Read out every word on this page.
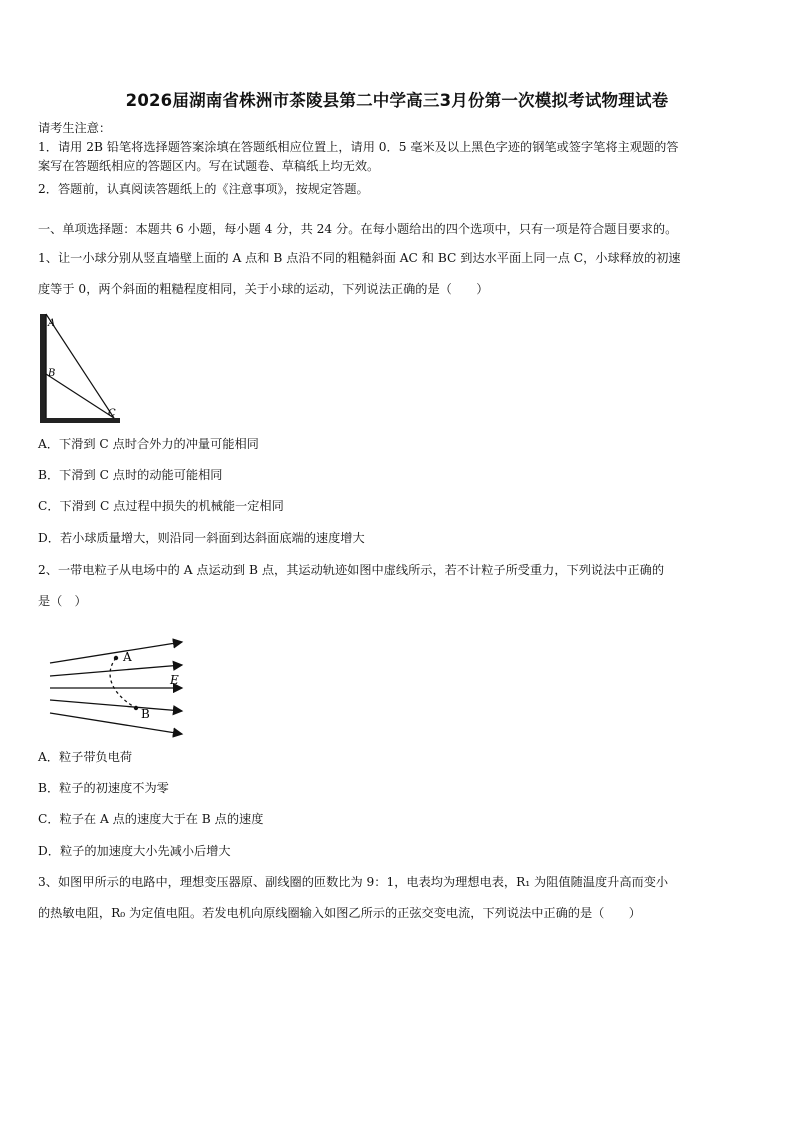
2026届湖南省株洲市茶陵县第二中学高三3月份第一次模拟考试物理试卷
请考生注意：
1．请用 2B 铅笔将选择题答案涂填在答题纸相应位置上，请用 0．5 毫米及以上黑色字迹的钢笔或签字笔将主观题的答
案写在答题纸相应的答题区内。写在试题卷、草稿纸上均无效。
2．答题前，认真阅读答题纸上的《注意事项》，按规定答题。
一、单项选择题：本题共 6 小题，每小题 4 分，共 24 分。在每小题给出的四个选项中，只有一项是符合题目要求的。
1、让一小球分别从竖直墙壁上面的 A 点和 B 点沿不同的粗糙斜面 AC 和 BC 到达水平面上同一点 C，小球释放的初速
度等于 0，两个斜面的粗糙程度相同，关于小球的运动，下列说法正确的是（　　）
A
B
C
A．下滑到 C 点时合外力的冲量可能相同
B．下滑到 C 点时的动能可能相同
C．下滑到 C 点过程中损失的机械能一定相同
D．若小球质量增大，则沿同一斜面到达斜面底端的速度增大
2、一带电粒子从电场中的 A 点运动到 B 点，其运动轨迹如图中虚线所示，若不计粒子所受重力，下列说法中正确的
是（　）
A
B
E
A．粒子带负电荷
B．粒子的初速度不为零
C．粒子在 A 点的速度大于在 B 点的速度
D．粒子的加速度大小先减小后增大
3、如图甲所示的电路中，理想变压器原、副线圈的匝数比为 9：1，电表均为理想电表，R₁ 为阻值随温度升高而变小
的热敏电阻，R₀ 为定值电阻。若发电机向原线圈输入如图乙所示的正弦交变电流，下列说法中正确的是（　　）
